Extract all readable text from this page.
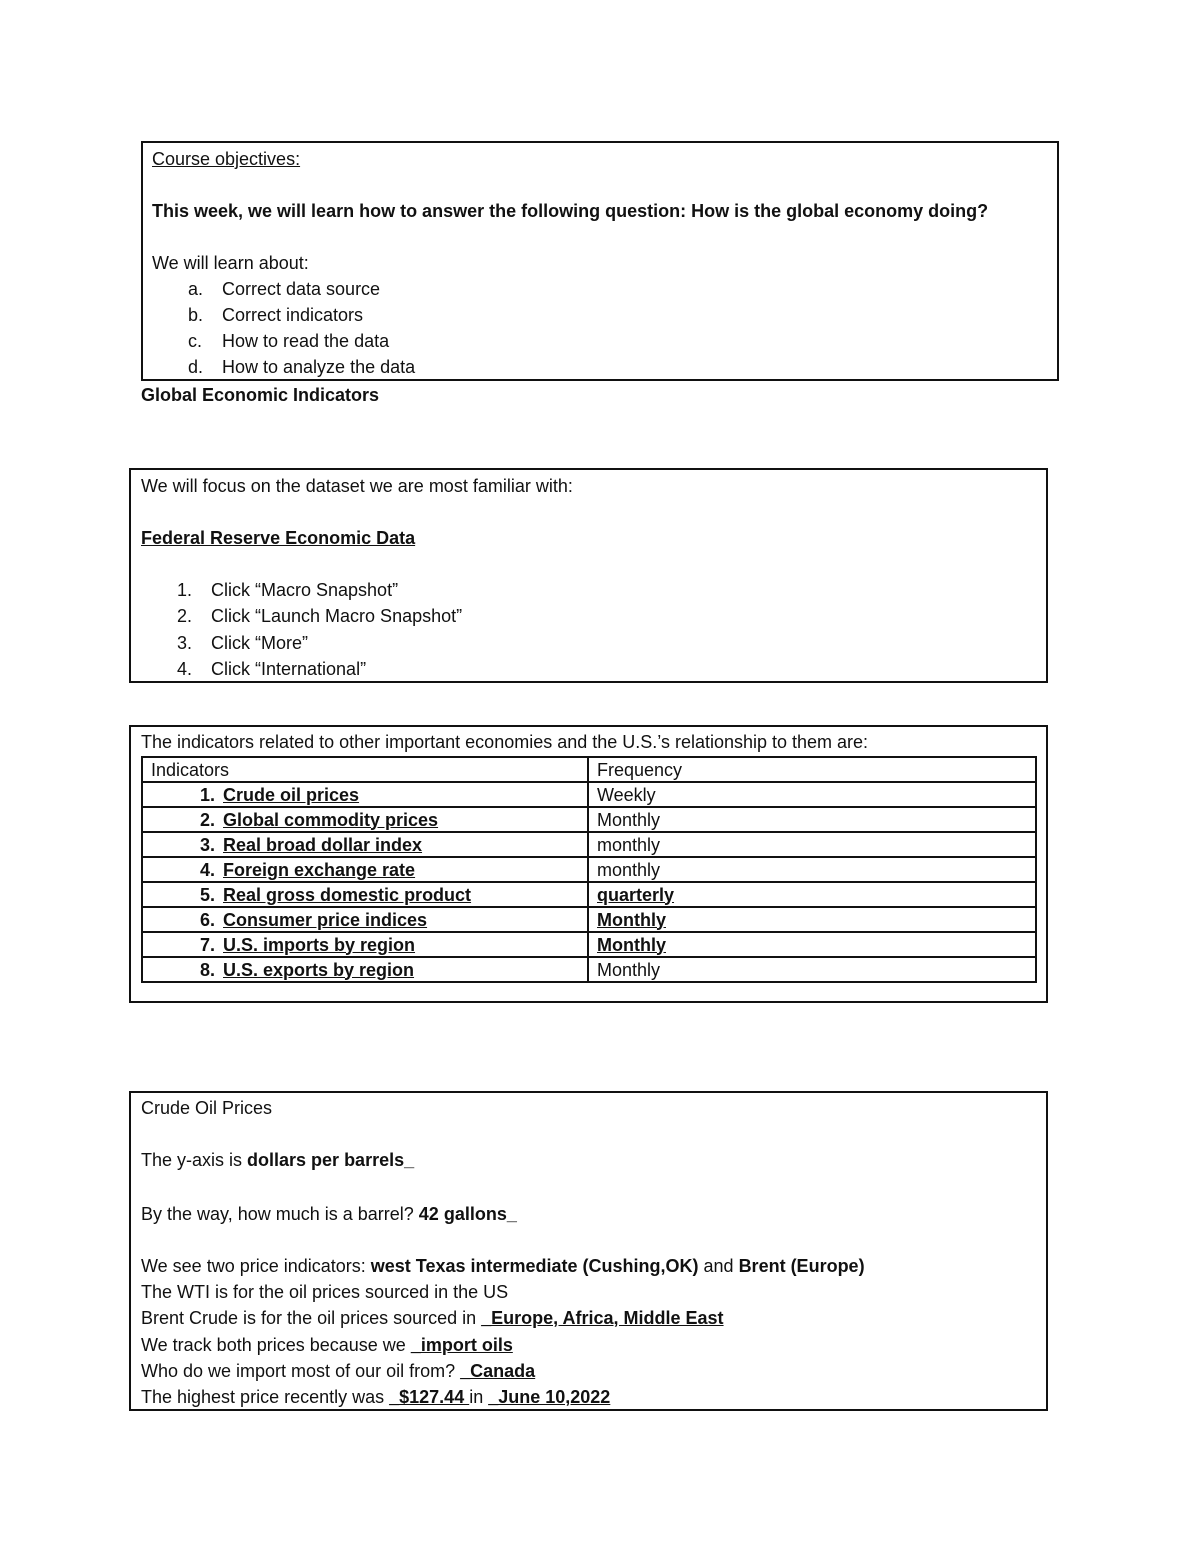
Course objectives:
This week, we will learn how to answer the following question: How is the global economy doing?
We will learn about:
a. Correct data source
b. Correct indicators
c. How to read the data
d. How to analyze the data
Global Economic Indicators
We will focus on the dataset we are most familiar with:
Federal Reserve Economic Data
1. Click “Macro Snapshot”
2. Click “Launch Macro Snapshot”
3. Click “More”
4. Click “International”
The indicators related to other important economies and the U.S.’s relationship to them are:
Indicators	Frequency
1. Crude oil prices	Weekly
2. Global commodity prices	Monthly
3. Real broad dollar index	monthly
4. Foreign exchange rate	monthly
5. Real gross domestic product	quarterly
6. Consumer price indices	Monthly
7. U.S. imports by region	Monthly
8. U.S. exports by region	Monthly
Crude Oil Prices
The y-axis is dollars per barrels_
By the way, how much is a barrel? 42 gallons_
We see two price indicators: west Texas intermediate (Cushing,OK) and Brent (Europe)
The WTI is for the oil prices sourced in the US
Brent Crude is for the oil prices sourced in _Europe, Africa, Middle East
We track both prices because we _import oils
Who do we import most of our oil from? _Canada
The highest price recently was _$127.44 in _June 10,2022
